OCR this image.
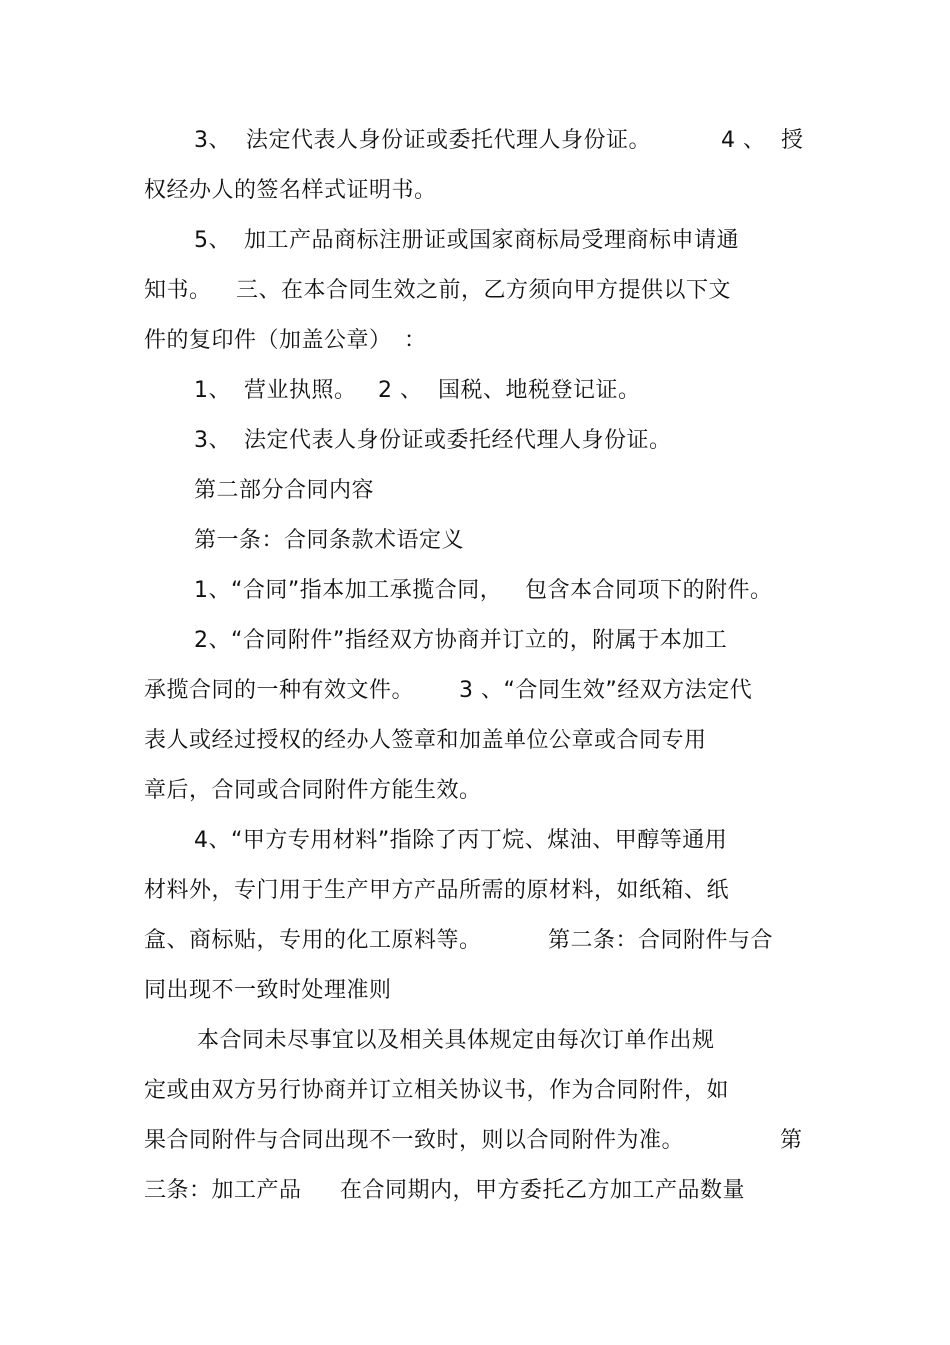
3、 法定代表人身份证或委托代理人身份证。	4 、 授
权经办人的签名样式证明书。
5、 加工产品商标注册证或国家商标局受理商标申请通
知书。 三、在本合同生效之前，乙方须向甲方提供以下文
件的复印件（加盖公章） ：
1、 营业执照。 2 、 国税、地税登记证。
3、 法定代表人身份证或委托经代理人身份证。
第二部分合同内容
第一条：合同条款术语定义
1、“合同”指本加工承揽合同， 包含本合同项下的附件。
2、“合同附件”指经双方协商并订立的，附属于本加工
承揽合同的一种有效文件。 3 、“合同生效”经双方法定代
表人或经过授权的经办人签章和加盖单位公章或合同专用
章后，合同或合同附件方能生效。
4、“甲方专用材料”指除了丙丁烷、煤油、甲醇等通用
材料外，专门用于生产甲方产品所需的原材料，如纸箱、纸
盒、商标贴，专用的化工原料等。	第二条：合同附件与合
同出现不一致时处理准则
本合同未尽事宜以及相关具体规定由每次订单作出规
定或由双方另行协商并订立相关协议书，作为合同附件，如
果合同附件与合同出现不一致时，则以合同附件为准。	第
三条：加工产品 在合同期内，甲方委托乙方加工产品数量
